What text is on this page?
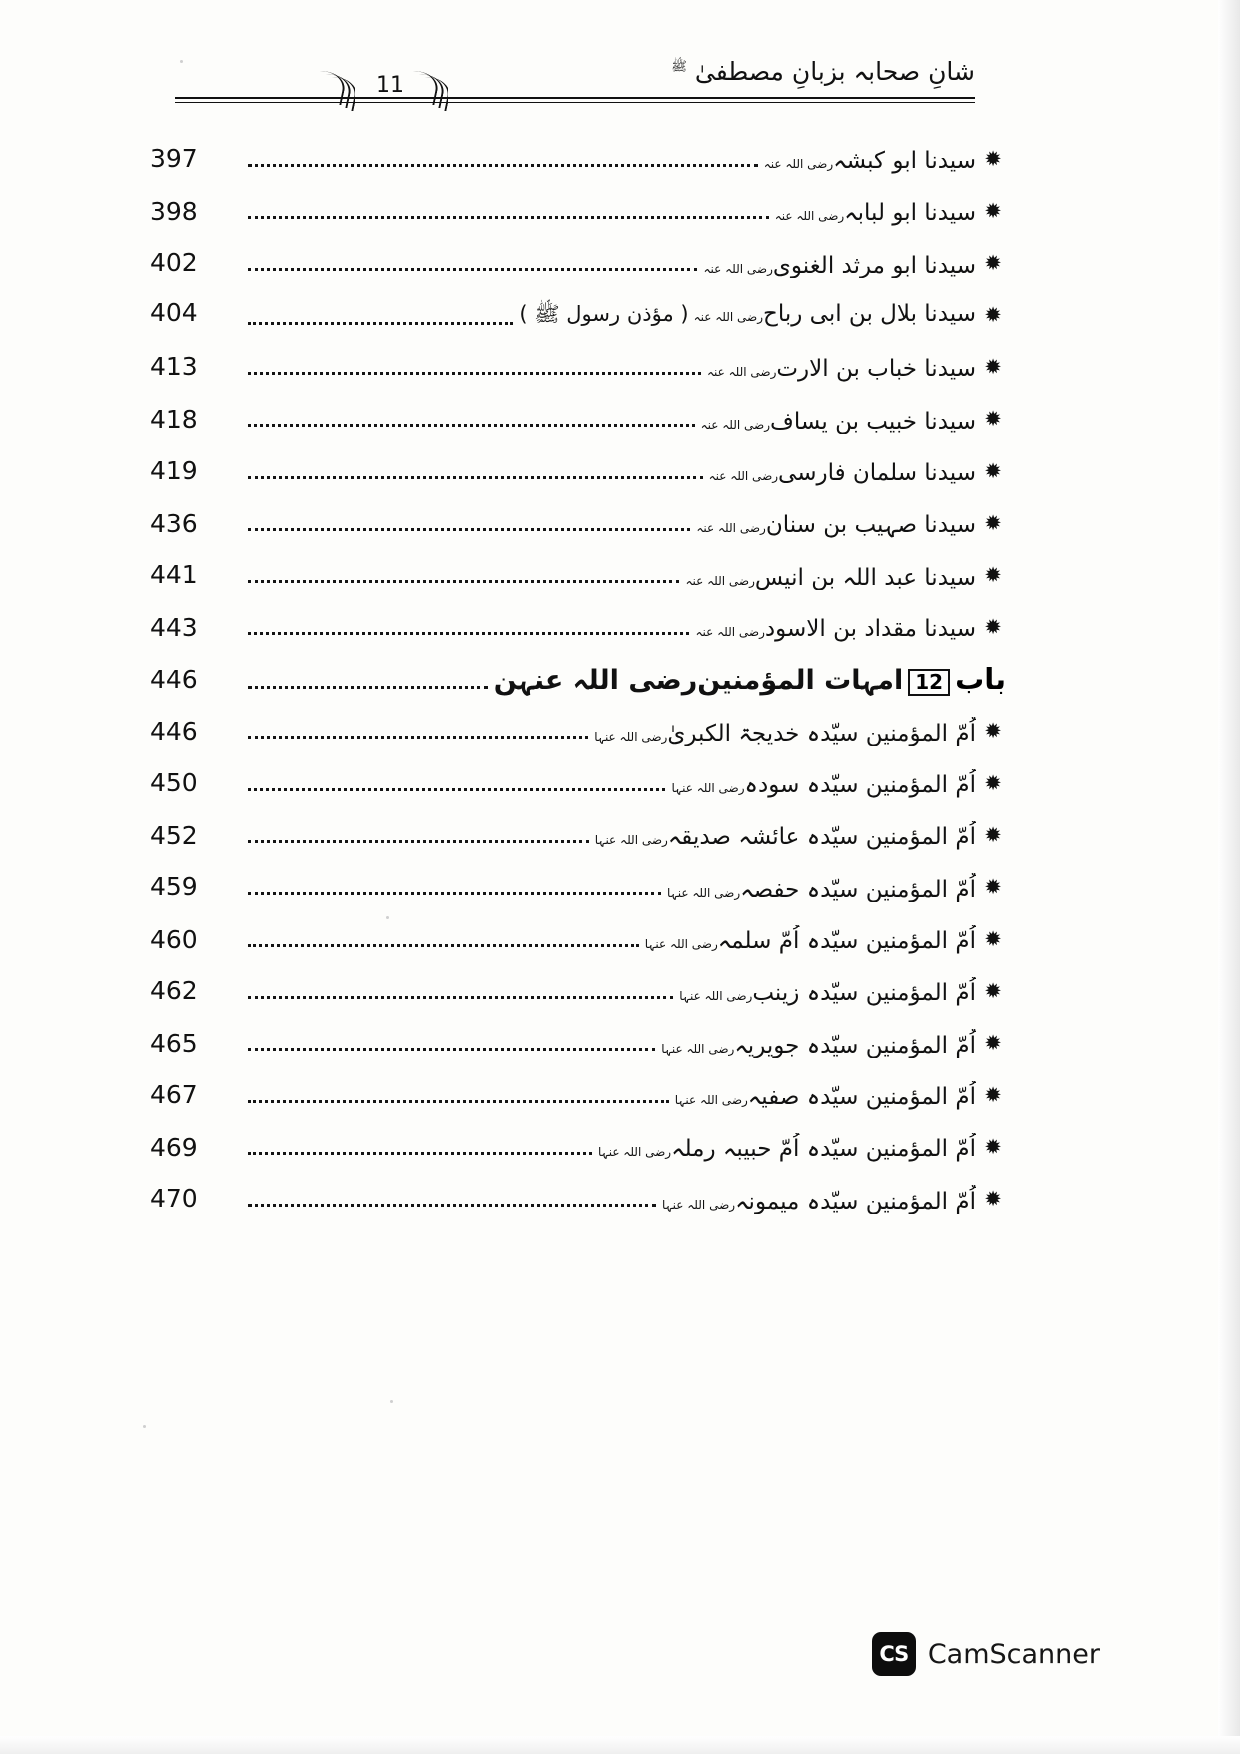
11	شانِ صحابہ بزبانِ مصطفیٰ $^ﷺ$
✹
سیدنا ابو کبشہ
رضی اللہ عنہ
397
✹
سیدنا ابو لبابہ
رضی اللہ عنہ
398
✹
سیدنا ابو مرثد الغنوی
رضی اللہ عنہ
402
✹
سیدنا بلال بن ابی رباح
رضی اللہ عنہ
( مؤذن رسول ﷺ )
404
✹
سیدنا خباب بن الارت
رضی اللہ عنہ
413
✹
سیدنا خبیب بن یساف
رضی اللہ عنہ
418
✹
سیدنا سلمان فارسی
رضی اللہ عنہ
419
✹
سیدنا صہیب بن سنان
رضی اللہ عنہ
436
✹
سیدنا عبد اللہ بن انیس
رضی اللہ عنہ
441
✹
سیدنا مقداد بن الاسود
رضی اللہ عنہ
443
باب
12
امہات المؤمنین
رضی اللہ عنہن
446
✹
اُمّ المؤمنین سیّدہ خدیجۃ الکبریٰ
رضی اللہ عنہا
446
✹
اُمّ المؤمنین سیّدہ سودہ
رضی اللہ عنہا
450
✹
اُمّ المؤمنین سیّدہ عائشہ صدیقہ
رضی اللہ عنہا
452
✹
اُمّ المؤمنین سیّدہ حفصہ
رضی اللہ عنہا
459
✹
اُمّ المؤمنین سیّدہ اُمّ سلمہ
رضی اللہ عنہا
460
✹
اُمّ المؤمنین سیّدہ زینب
رضی اللہ عنہا
462
✹
اُمّ المؤمنین سیّدہ جویریہ
رضی اللہ عنہا
465
✹
اُمّ المؤمنین سیّدہ صفیہ
رضی اللہ عنہا
467
✹
اُمّ المؤمنین سیّدہ اُمّ حبیبہ رملہ
رضی اللہ عنہا
469
✹
اُمّ المؤمنین سیّدہ میمونہ
رضی اللہ عنہا
470
CS CamScanner
